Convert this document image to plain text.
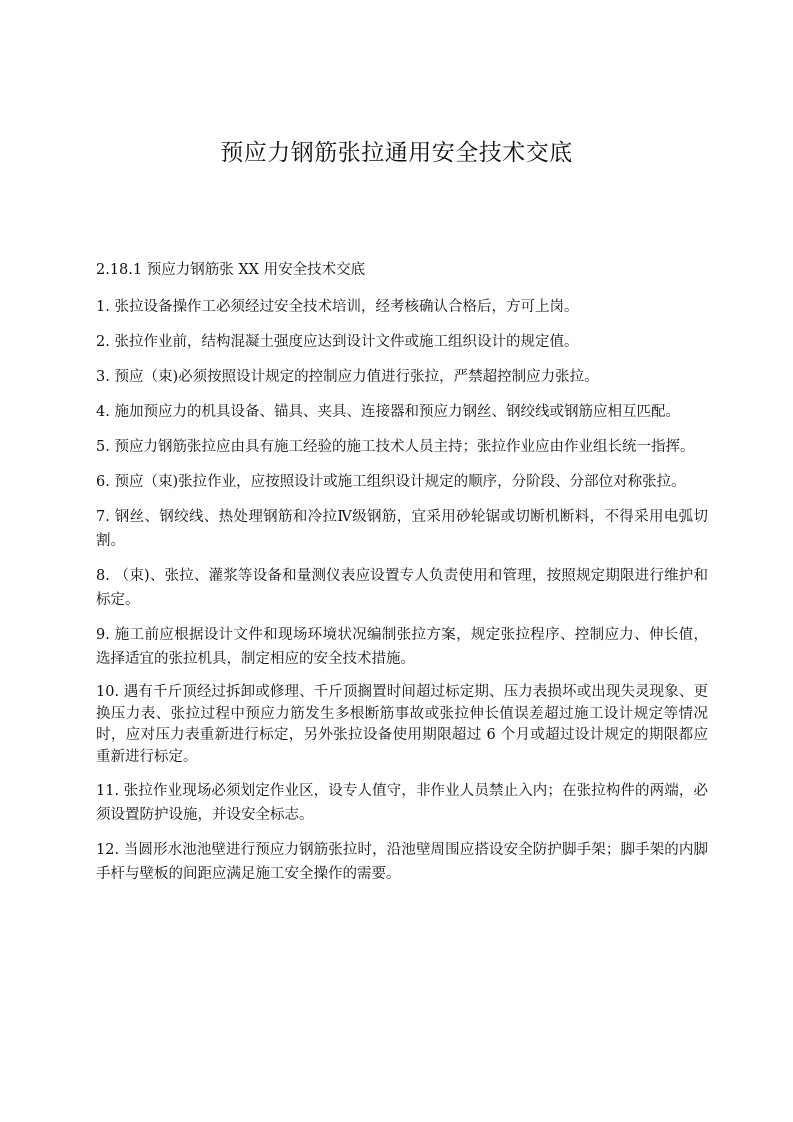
预应力钢筋张拉通用安全技术交底

2.18.1 预应力钢筋张 XX 用安全技术交底

1. 张拉设备操作工必须经过安全技术培训，经考核确认合格后，方可上岗。

2. 张拉作业前，结构混凝土强度应达到设计文件或施工组织设计的规定值。

3. 预应（束)必须按照设计规定的控制应力值进行张拉，严禁超控制应力张拉。

4. 施加预应力的机具设备、锚具、夹具、连接器和预应力钢丝、钢绞线或钢筋应相互匹配。

5. 预应力钢筋张拉应由具有施工经验的施工技术人员主持；张拉作业应由作业组长统一指挥。

6. 预应（束)张拉作业，应按照设计或施工组织设计规定的顺序，分阶段、分部位对称张拉。

7. 钢丝、钢绞线、热处理钢筋和冷拉Ⅳ级钢筋，宜采用砂轮锯或切断机断料，不得采用电弧切割。

8. （束)、张拉、灌浆等设备和量测仪表应设置专人负责使用和管理，按照规定期限进行维护和标定。

9. 施工前应根据设计文件和现场环境状况编制张拉方案，规定张拉程序、控制应力、伸长值，选择适宜的张拉机具，制定相应的安全技术措施。

10. 遇有千斤顶经过拆卸或修理、千斤顶搁置时间超过标定期、压力表损坏或出现失灵现象、更换压力表、张拉过程中预应力筋发生多根断筋事故或张拉伸长值误差超过施工设计规定等情况时，应对压力表重新进行标定，另外张拉设备使用期限超过 6 个月或超过设计规定的期限都应重新进行标定。

11. 张拉作业现场必须划定作业区，设专人值守，非作业人员禁止入内；在张拉构件的两端，必须设置防护设施，并设安全标志。

12. 当圆形水池池壁进行预应力钢筋张拉时，沿池壁周围应搭设安全防护脚手架；脚手架的内脚手杆与壁板的间距应满足施工安全操作的需要。
